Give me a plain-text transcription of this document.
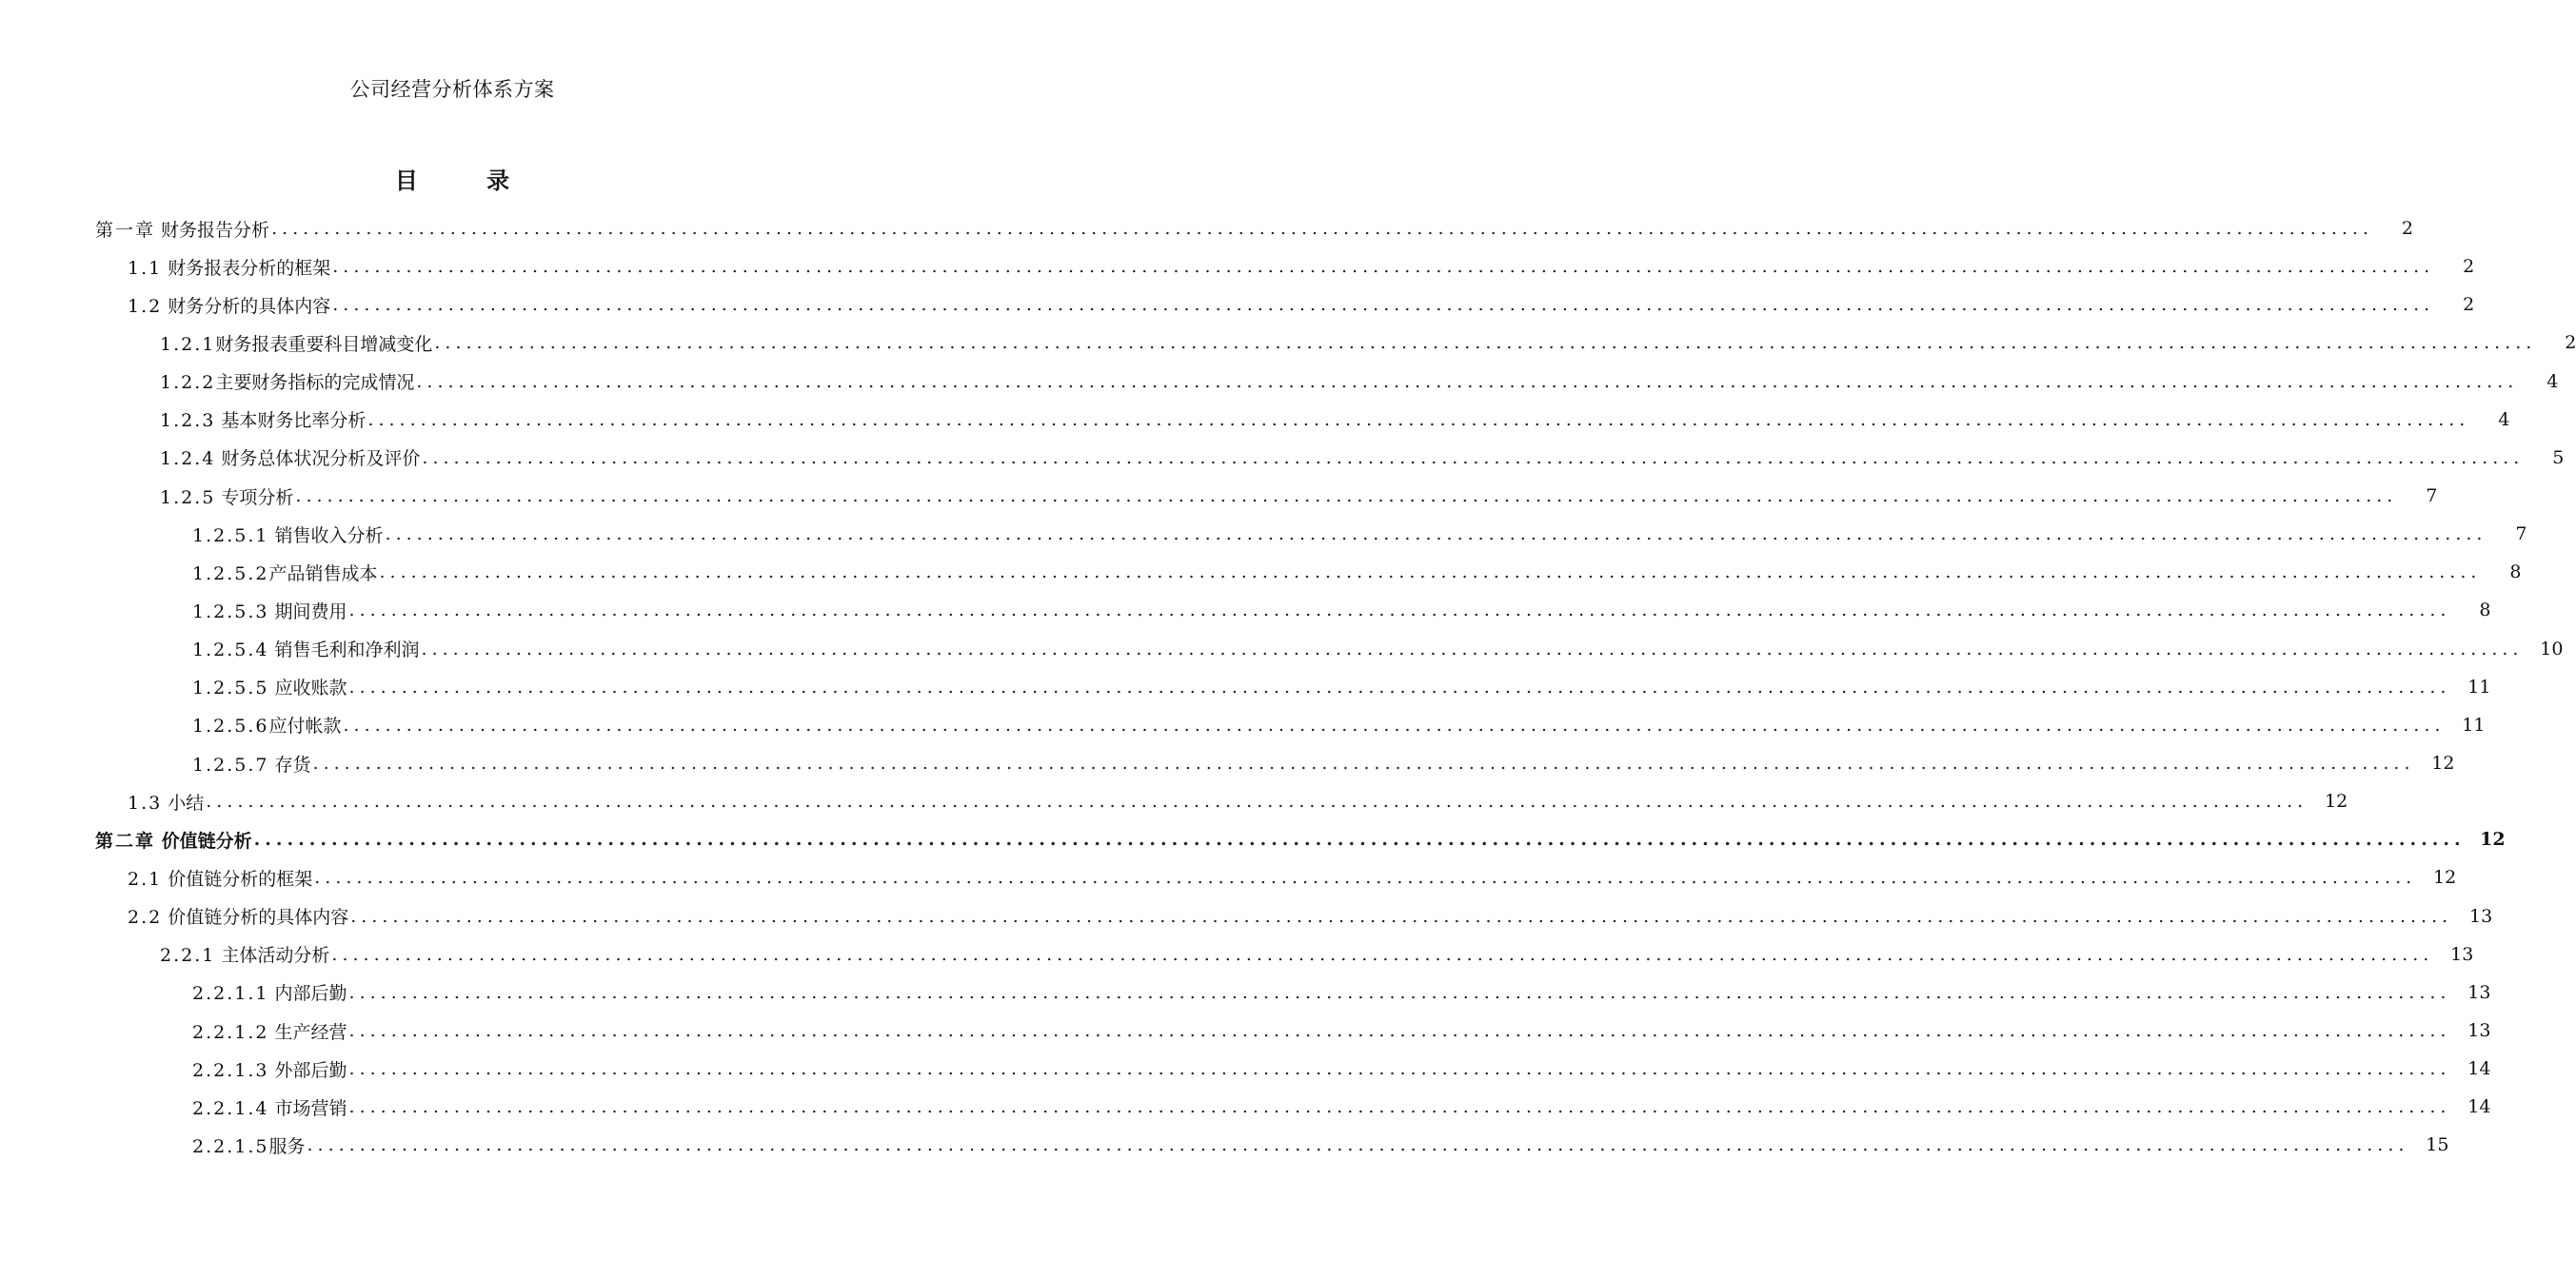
公司经营分析体系方案
目 录
第一章 财务报告分析 ........................................................................................................................................................................................................	2
1.1 财务报表分析的框架 ........................................................................................................................................................................................................	2
1.2 财务分析的具体内容 ........................................................................................................................................................................................................	2
1.2.1财务报表重要科目增减变化 ........................................................................................................................................................................................................	2
1.2.2主要财务指标的完成情况 ........................................................................................................................................................................................................	4
1.2.3 基本财务比率分析 ........................................................................................................................................................................................................	4
1.2.4 财务总体状况分析及评价 ........................................................................................................................................................................................................	5
1.2.5 专项分析 ........................................................................................................................................................................................................	7
1.2.5.1 销售收入分析 ........................................................................................................................................................................................................	7
1.2.5.2产品销售成本 ........................................................................................................................................................................................................	8
1.2.5.3 期间费用 ........................................................................................................................................................................................................	8
1.2.5.4 销售毛利和净利润 ........................................................................................................................................................................................................ 10
1.2.5.5 应收账款 ........................................................................................................................................................................................................ 11
1.2.5.6应付帐款 ........................................................................................................................................................................................................ 11
1.2.5.7 存货 ........................................................................................................................................................................................................ 12
1.3 小结 ........................................................................................................................................................................................................ 12
第二章 价值链分析 ........................................................................................................................................................................................................ 12
2.1 价值链分析的框架 ........................................................................................................................................................................................................ 12
2.2 价值链分析的具体内容 ........................................................................................................................................................................................................ 13
2.2.1 主体活动分析 ........................................................................................................................................................................................................ 13
2.2.1.1 内部后勤 ........................................................................................................................................................................................................ 13
2.2.1.2 生产经营 ........................................................................................................................................................................................................ 13
2.2.1.3 外部后勤 ........................................................................................................................................................................................................ 14
2.2.1.4 市场营销 ........................................................................................................................................................................................................ 14
2.2.1.5服务 ........................................................................................................................................................................................................ 15
